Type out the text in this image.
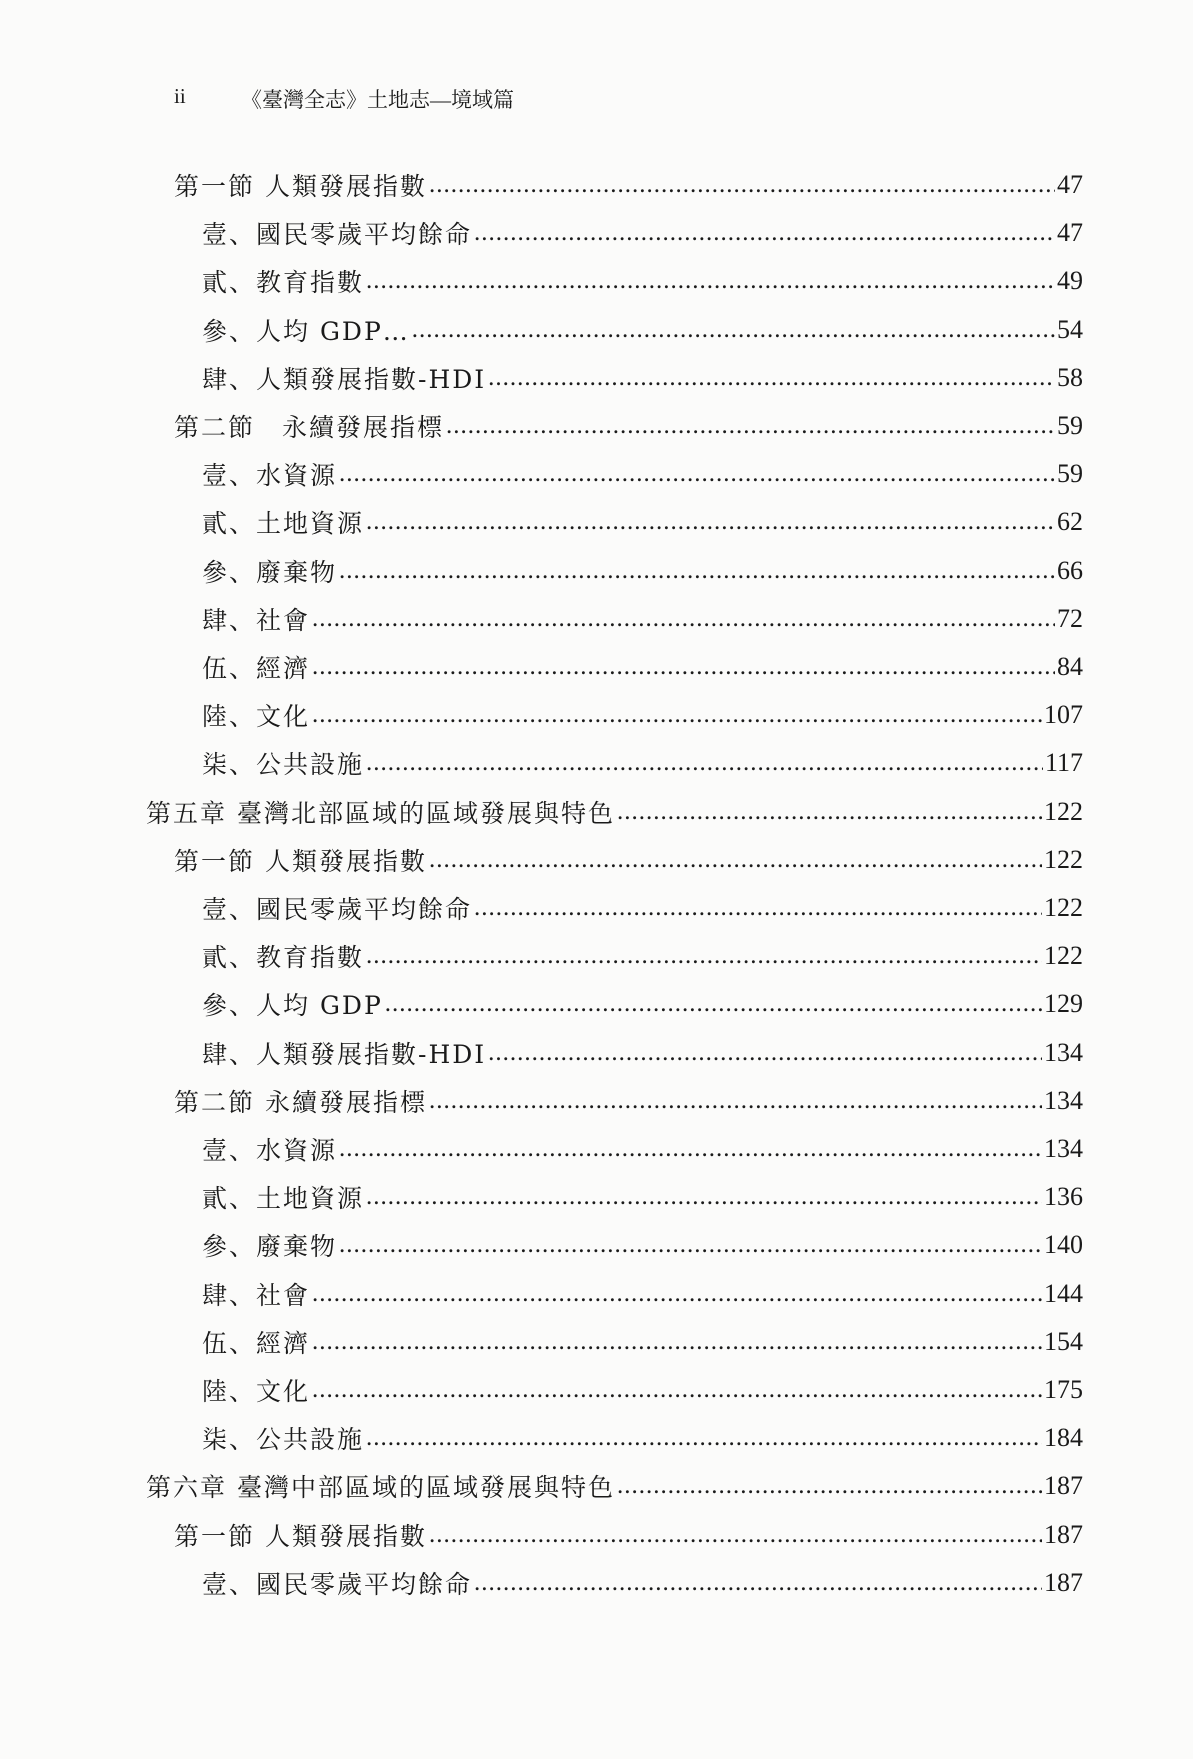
ii	《臺灣全志》土地志—境域篇
第一節 人類發展指數 .....	47
壹、國民零歲平均餘命 .....	47
貳、教育指數 .....	49
參、人均 GDP… .....	54
肆、人類發展指數-HDI .....	58
第二節　永續發展指標 .....	59
壹、水資源 .....	59
貳、土地資源 .....	62
參、廢棄物 .....	66
肆、社會 .....	72
伍、經濟 .....	84
陸、文化 .....	107
柒、公共設施 .....	117
第五章 臺灣北部區域的區域發展與特色 .....	122
第一節 人類發展指數 .....	122
壹、國民零歲平均餘命 .....	122
貳、教育指數 .....	122
參、人均 GDP .....	129
肆、人類發展指數-HDI .....	134
第二節 永續發展指標 .....	134
壹、水資源 .....	134
貳、土地資源 .....	136
參、廢棄物 .....	140
肆、社會 .....	144
伍、經濟 .....	154
陸、文化 .....	175
柒、公共設施 .....	184
第六章 臺灣中部區域的區域發展與特色 .....	187
第一節 人類發展指數 .....	187
壹、國民零歲平均餘命 .....	187
